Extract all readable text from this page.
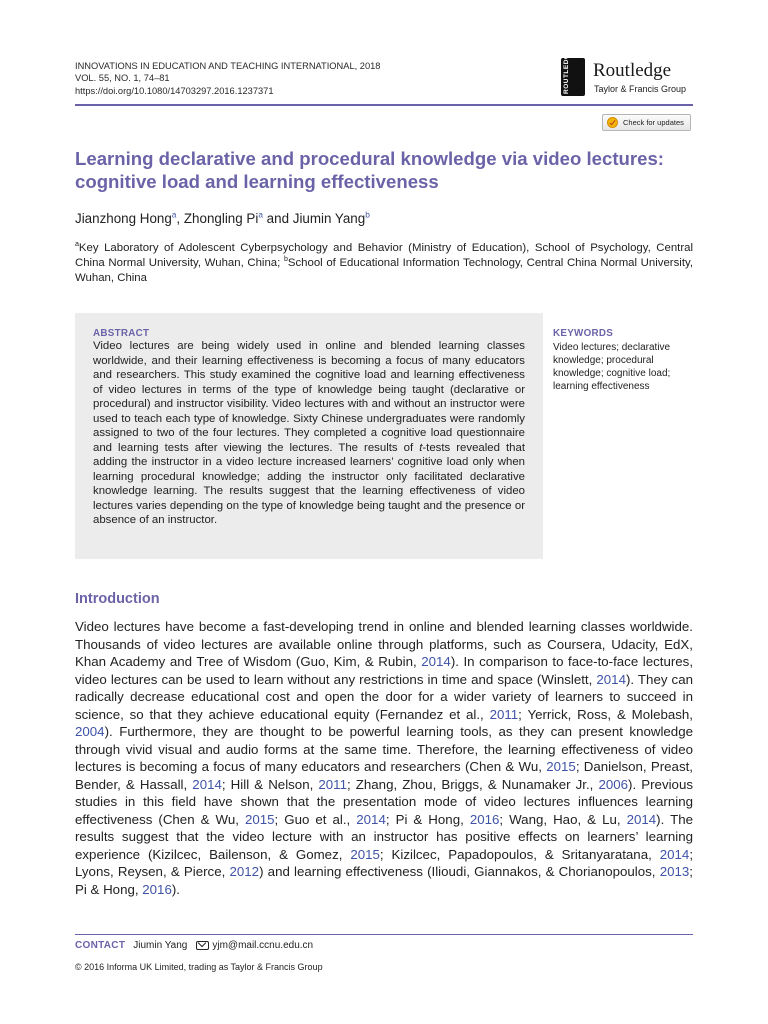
INNOVATIONS IN EDUCATION AND TEACHING INTERNATIONAL, 2018
VOL. 55, NO. 1, 74–81
https://doi.org/10.1080/14703297.2016.1237371	ROUTLEDGE Routledge
Taylor & Francis Group
Check for updates
Learning declarative and procedural knowledge via video lectures: cognitive load and learning effectiveness
Jianzhong Hong$^a$, Zhongling Pi$^a$ and Jiumin Yang$^b$
$^a$Key Laboratory of Adolescent Cyberpsychology and Behavior (Ministry of Education), School of Psychology, Central China Normal University, Wuhan, China; $^b$School of Educational Information Technology, Central China Normal University, Wuhan, China
ABSTRACT

Video lectures are being widely used in online and blended learning classes worldwide, and their learning effectiveness is becoming a focus of many educators and researchers. This study examined the cognitive load and learning effectiveness of video lectures in terms of the type of knowledge being taught (declarative or procedural) and instructor visibility. Video lectures with and without an instructor were used to teach each type of knowledge. Sixty Chinese undergraduates were randomly assigned to two of the four lectures. They completed a cognitive load questionnaire and learning tests after viewing the lectures. The results of t-tests revealed that adding the instructor in a video lecture increased learners’ cognitive load only when learning procedural knowledge; adding the instructor only facilitated declarative knowledge learning. The results suggest that the learning effectiveness of video lectures varies depending on the type of knowledge being taught and the presence or absence of an instructor.

KEYWORDS
Video lectures; declarative knowledge; procedural knowledge; cognitive load; learning effectiveness
Introduction

Video lectures have become a fast-developing trend in online and blended learning classes worldwide. Thousands of video lectures are available online through platforms, such as Coursera, Udacity, EdX, Khan Academy and Tree of Wisdom (Guo, Kim, & Rubin, 2014). In comparison to face-to-face lectures, video lectures can be used to learn without any restrictions in time and space (Winslett, 2014). They can radically decrease educational cost and open the door for a wider variety of learners to succeed in science, so that they achieve educational equity (Fernandez et al., 2011; Yerrick, Ross, & Molebash, 2004). Furthermore, they are thought to be powerful learning tools, as they can present knowledge through vivid visual and audio forms at the same time. Therefore, the learning effectiveness of video lectures is becoming a focus of many educators and researchers (Chen & Wu, 2015; Danielson, Preast, Bender, & Hassall, 2014; Hill & Nelson, 2011; Zhang, Zhou, Briggs, & Nunamaker Jr., 2006). Previous studies in this field have shown that the presentation mode of video lectures influences learning effectiveness (Chen & Wu, 2015; Guo et al., 2014; Pi & Hong, 2016; Wang, Hao, & Lu, 2014). The results suggest that the video lecture with an instructor has positive effects on learners’ learning experience (Kizilcec, Bailenson, & Gomez, 2015; Kizilcec, Papadopoulos, & Sritanyaratana, 2014; Lyons, Reysen, & Pierce, 2012) and learning effectiveness (Ilioudi, Giannakos, & Chorianopoulos, 2013; Pi & Hong, 2016).

CONTACT Jiumin Yang	yjm@mail.ccnu.edu.cn
© 2016 Informa UK Limited, trading as Taylor & Francis Group
